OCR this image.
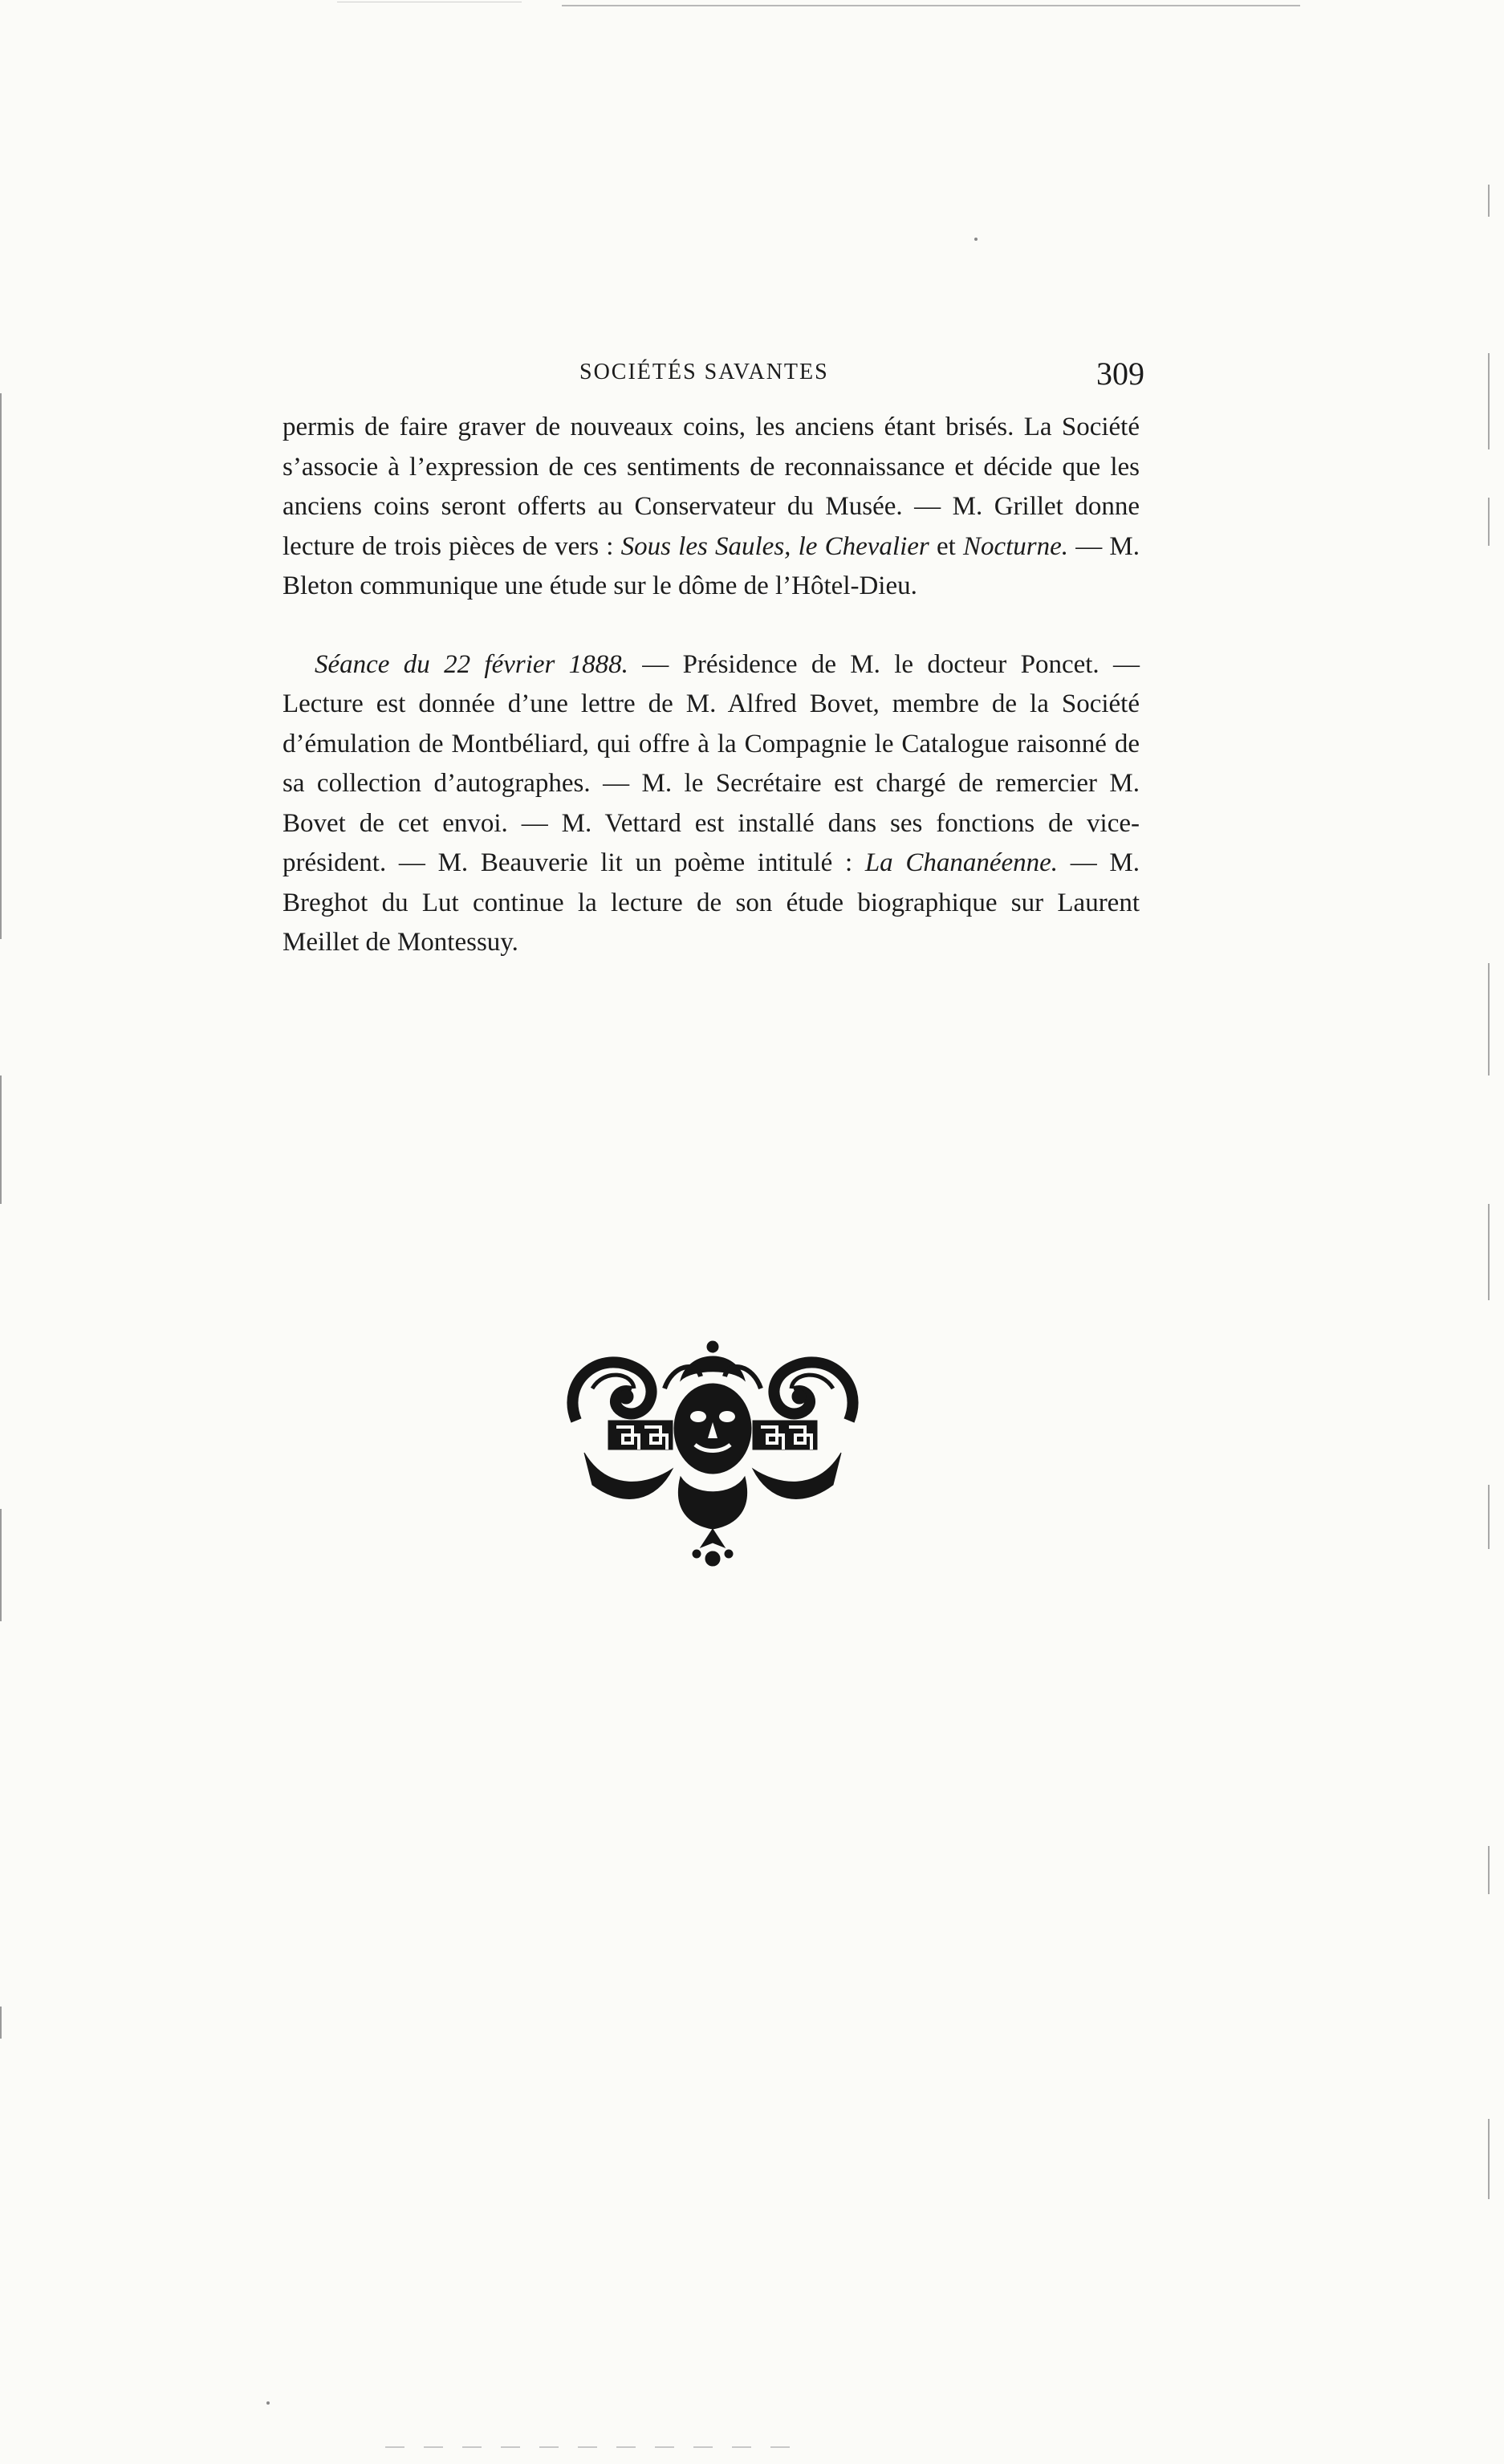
SOCIÉTÉS SAVANTES	309

permis de faire graver de nouveaux coins, les anciens étant brisés. La Société s’associe à l’expression de ces sentiments de reconnaissance et décide que les anciens coins seront offerts au Conservateur du Musée. — M. Grillet donne lecture de trois pièces de vers : Sous les Saules, le Chevalier et Nocturne. — M. Bleton communique une étude sur le dôme de l’Hôtel-Dieu.

Séance du 22 février 1888. — Présidence de M. le docteur Poncet. — Lecture est donnée d’une lettre de M. Alfred Bovet, membre de la Société d’émulation de Montbéliard, qui offre à la Compagnie le Catalogue raisonné de sa collection d’autographes. — M. le Secrétaire est chargé de remercier M. Bovet de cet envoi. — M. Vettard est installé dans ses fonctions de vice-président. — M. Beauverie lit un poème intitulé : La Chananéenne. — M. Breghot du Lut continue la lecture de son étude biographique sur Laurent Meillet de Montessuy.
